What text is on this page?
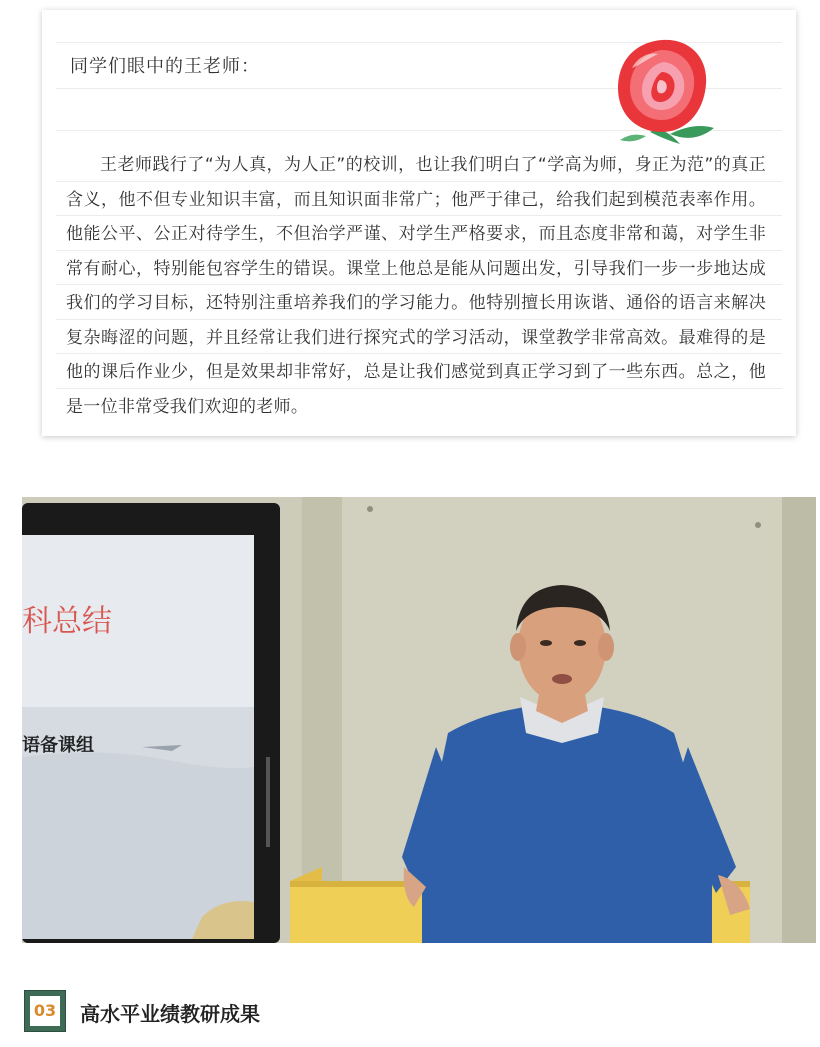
同学们眼中的王老师：

王老师践行了“为人真，为人正”的校训，也让我们明白了“学高为师，身正为范”的真正含义，他不但专业知识丰富，而且知识面非常广；他严于律己，给我们起到模范表率作用。他能公平、公正对待学生，不但治学严谨、对学生严格要求，而且态度非常和蔼，对学生非常有耐心，特别能包容学生的错误。课堂上他总是能从问题出发，引导我们一步一步地达成我们的学习目标，还特别注重培养我们的学习能力。他特别擅长用诙谐、通俗的语言来解决复杂晦涩的问题，并且经常让我们进行探究式的学习活动，课堂教学非常高效。最难得的是他的课后作业少，但是效果却非常好，总是让我们感觉到真正学习到了一些东西。总之，他是一位非常受我们欢迎的老师。

科总结
语备课组
03	高水平业绩教研成果
